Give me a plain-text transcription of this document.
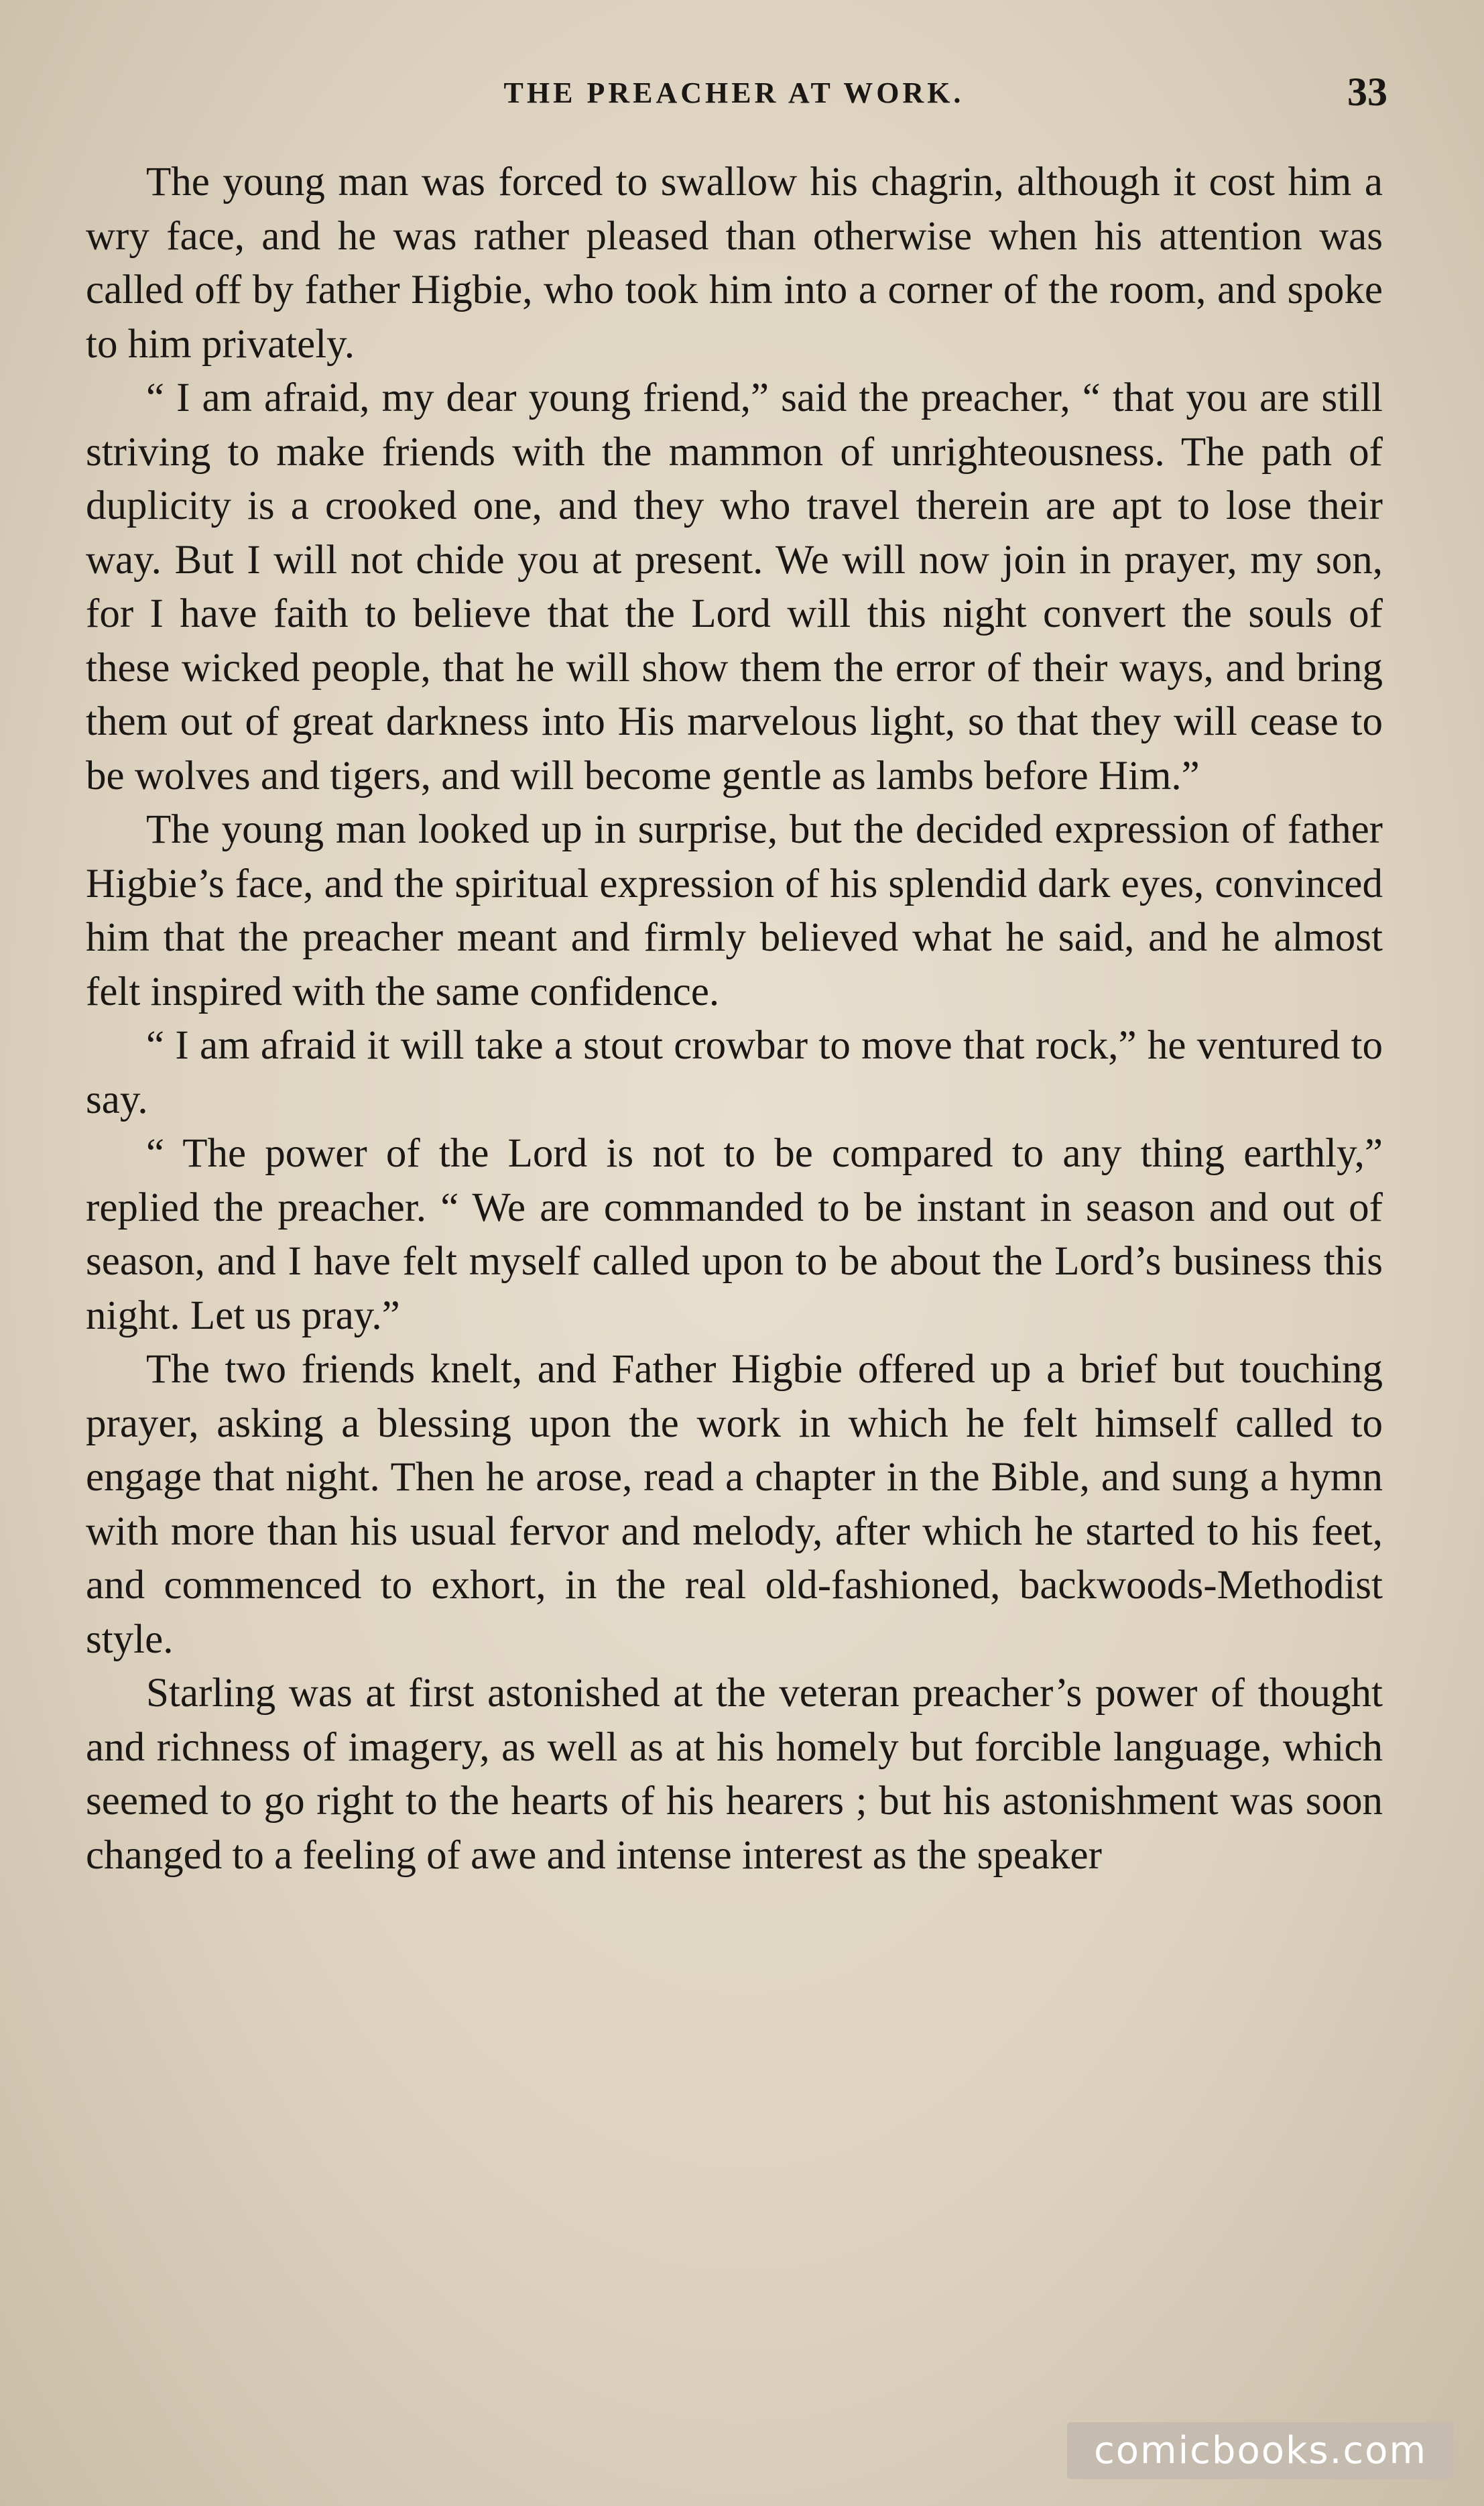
THE PREACHER AT WORK.	33

The young man was forced to swallow his chagrin, although it cost him a wry face, and he was rather pleased than otherwise when his attention was called off by father Higbie, who took him into a corner of the room, and spoke to him privately.

“ I am afraid, my dear young friend,” said the preacher, “ that you are still striving to make friends with the mammon of unrighteousness. The path of duplicity is a crooked one, and they who travel therein are apt to lose their way. But I will not chide you at present. We will now join in prayer, my son, for I have faith to believe that the Lord will this night convert the souls of these wicked people, that he will show them the error of their ways, and bring them out of great darkness into His marvelous light, so that they will cease to be wolves and tigers, and will become gentle as lambs before Him.”

The young man looked up in surprise, but the decided expression of father Higbie’s face, and the spiritual expression of his splendid dark eyes, convinced him that the preacher meant and firmly believed what he said, and he almost felt inspired with the same confidence.

“ I am afraid it will take a stout crowbar to move that rock,” he ventured to say.

“ The power of the Lord is not to be compared to any thing earthly,” replied the preacher. “ We are commanded to be instant in season and out of season, and I have felt myself called upon to be about the Lord’s business this night. Let us pray.”

The two friends knelt, and Father Higbie offered up a brief but touching prayer, asking a blessing upon the work in which he felt himself called to engage that night. Then he arose, read a chapter in the Bible, and sung a hymn with more than his usual fervor and melody, after which he started to his feet, and commenced to exhort, in the real old-fashioned, backwoods-Methodist style.

Starling was at first astonished at the veteran preacher’s power of thought and richness of imagery, as well as at his homely but forcible language, which seemed to go right to the hearts of his hearers ; but his astonishment was soon changed to a feeling of awe and intense interest as the speaker

comicbooks.com
